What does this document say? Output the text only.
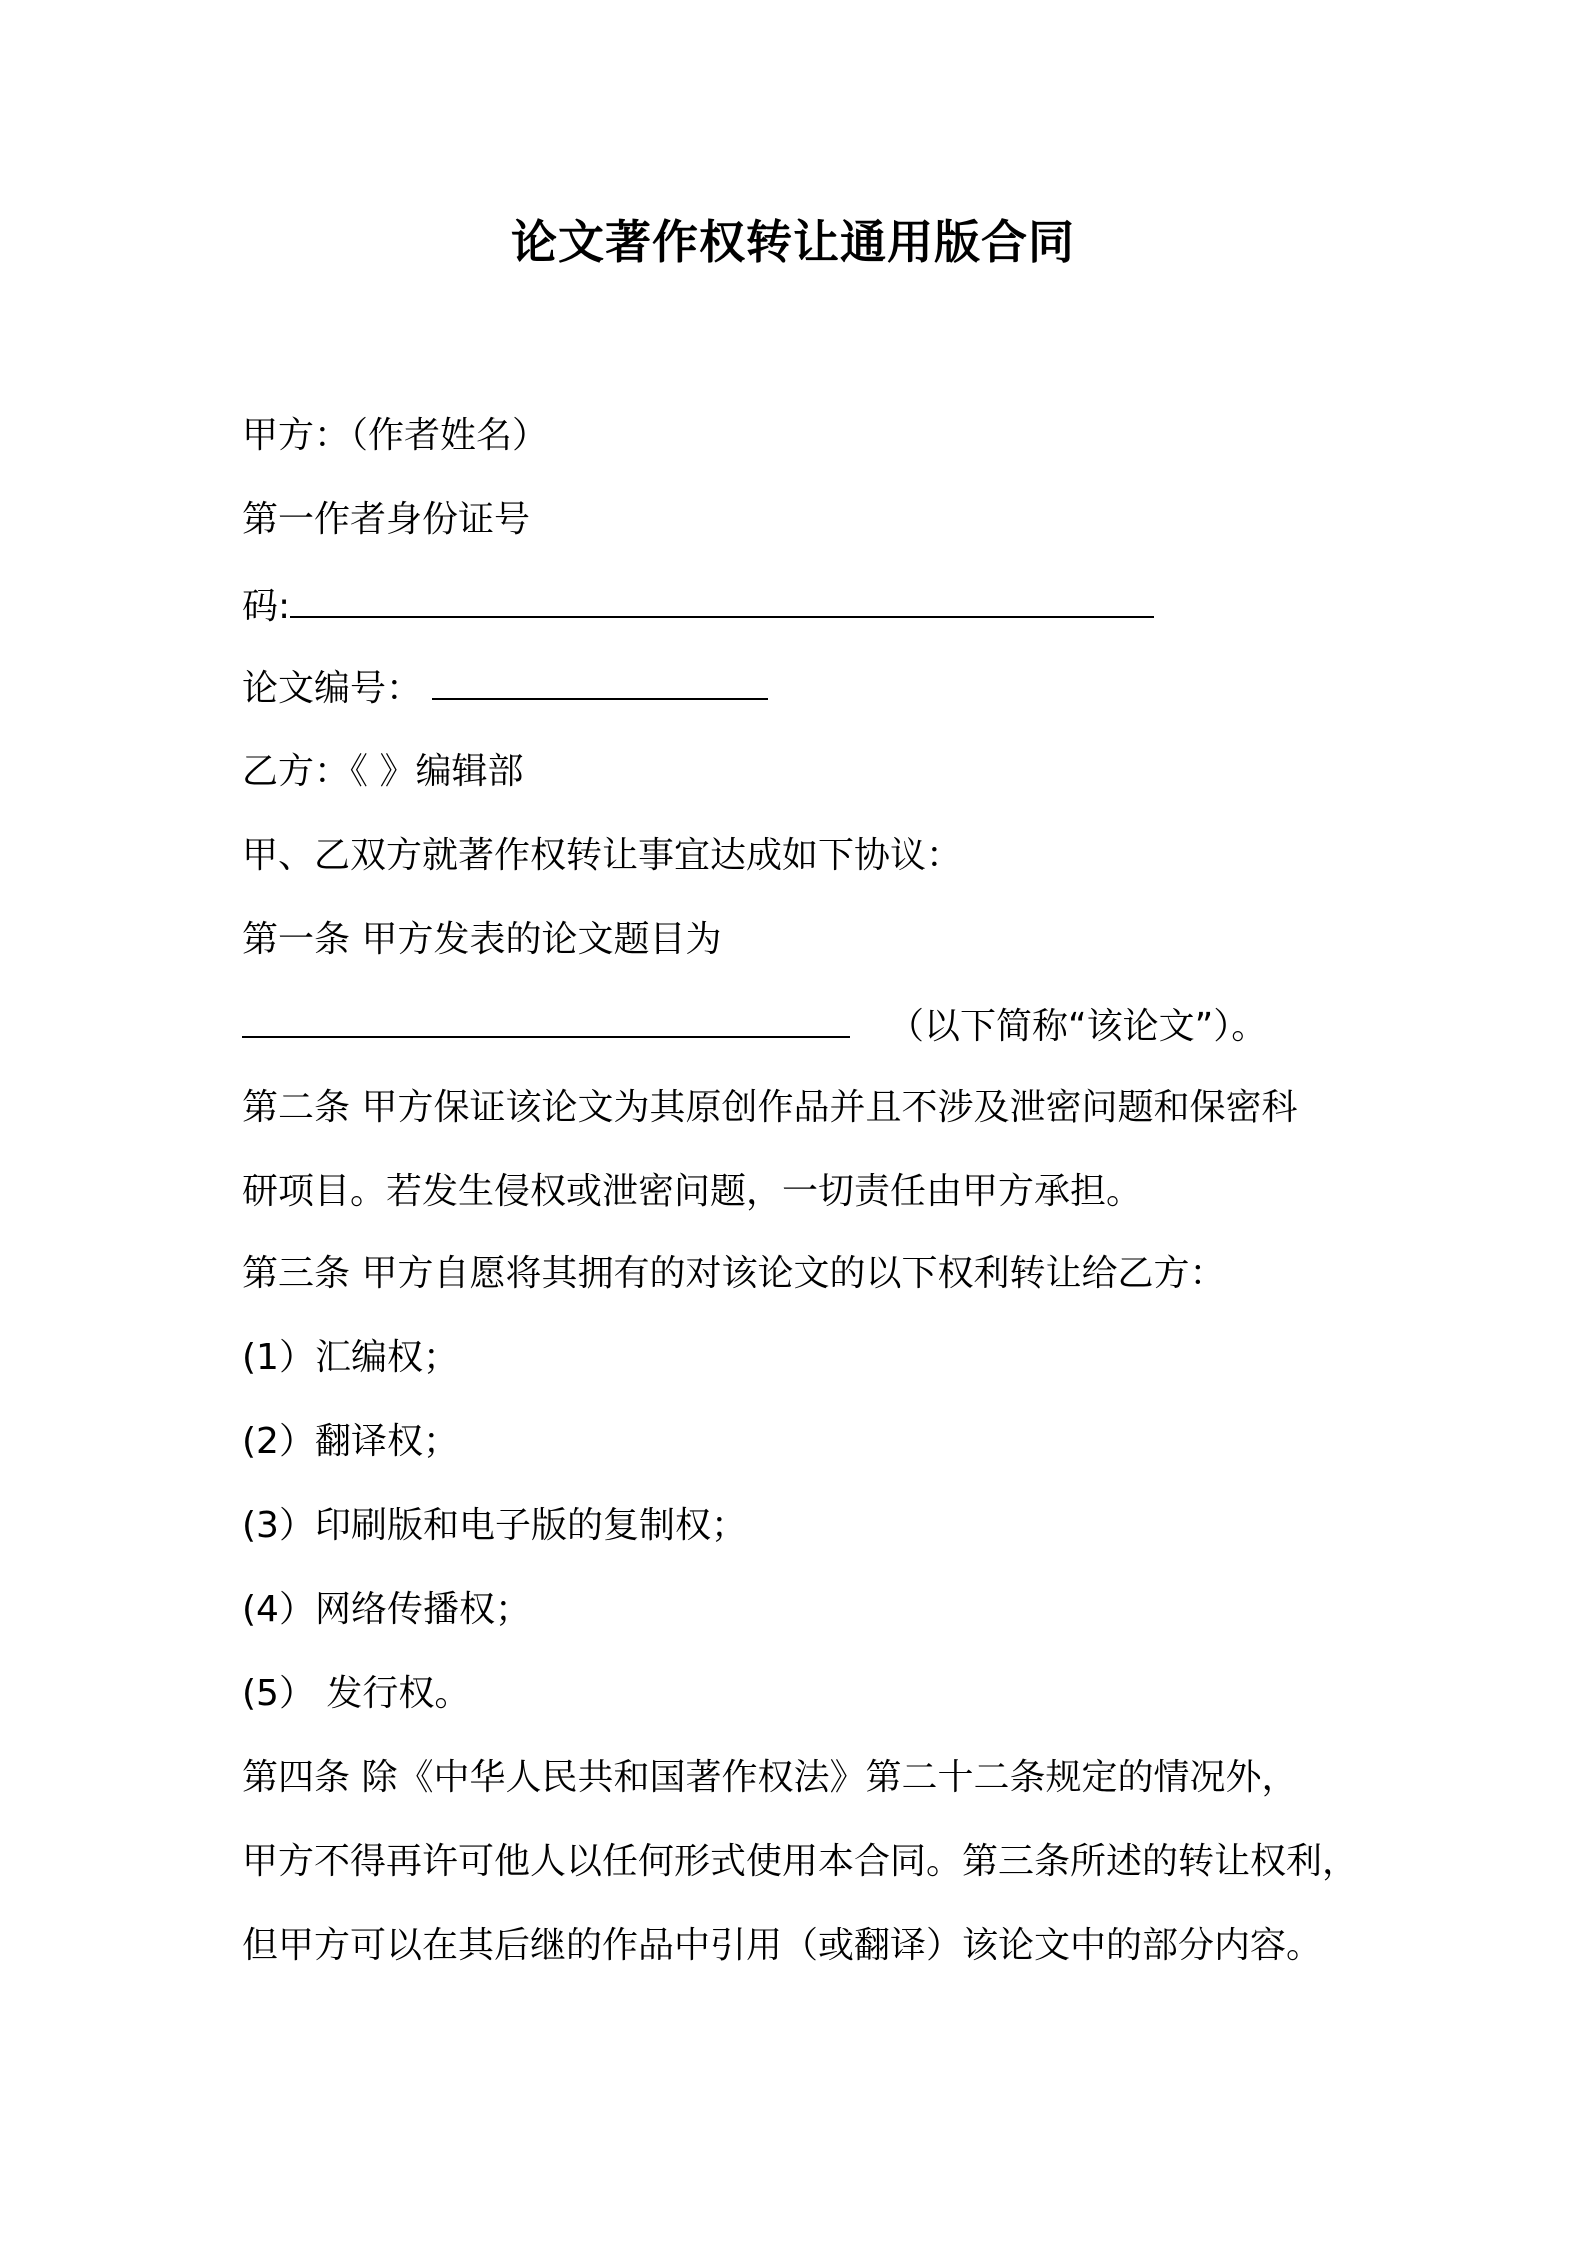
论文著作权转让通用版合同

甲方：（作者姓名）

第一作者身份证号

码:

论文编号：

乙方：《 》编辑部

甲、乙双方就著作权转让事宜达成如下协议：

第一条 甲方发表的论文题目为

（以下简称“该论文”）。

第二条 甲方保证该论文为其原创作品并且不涉及泄密问题和保密科

研项目。若发生侵权或泄密问题，一切责任由甲方承担。

第三条 甲方自愿将其拥有的对该论文的以下权利转让给乙方：

(1）汇编权；

(2）翻译权；

(3）印刷版和电子版的复制权；

(4）网络传播权；

(5） 发行权。

第四条 除《中华人民共和国著作权法》第二十二条规定的情况外，

甲方不得再许可他人以任何形式使用本合同。第三条所述的转让权利，

但甲方可以在其后继的作品中引用（或翻译）该论文中的部分内容。
